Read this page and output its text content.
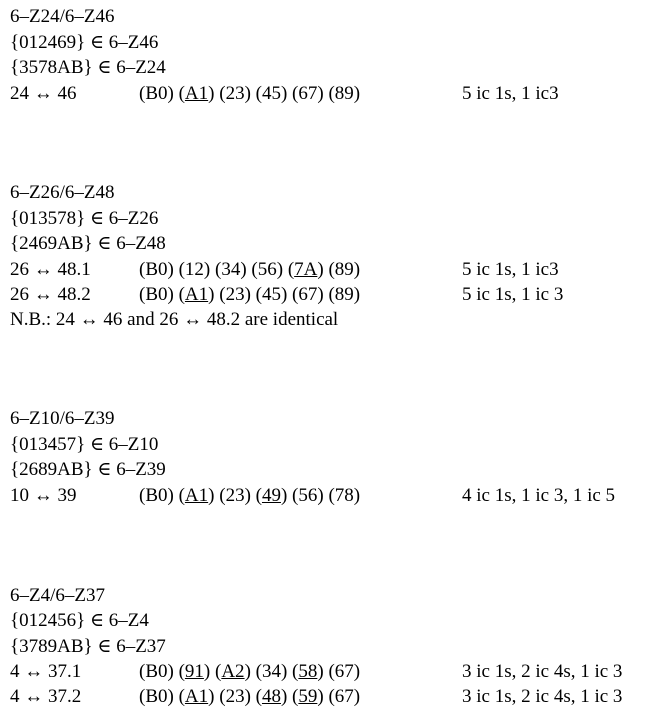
6–Z24/6–Z46
{012469} ∈ 6–Z46
{3578AB} ∈ 6–Z24
24 ↔ 46	(B0) (A1) (23) (45) (67) (89)	5 ic 1s, 1 ic3
6–Z26/6–Z48
{013578} ∈ 6–Z26
{2469AB} ∈ 6–Z48
26 ↔ 48.1	(B0) (12) (34) (56) (7A) (89)	5 ic 1s, 1 ic3
26 ↔ 48.2	(B0) (A1) (23) (45) (67) (89)	5 ic 1s, 1 ic 3
N.B.: 24 ↔ 46 and 26 ↔ 48.2 are identical
6–Z10/6–Z39
{013457} ∈ 6–Z10
{2689AB} ∈ 6–Z39
10 ↔ 39	(B0) (A1) (23) (49) (56) (78)	4 ic 1s, 1 ic 3, 1 ic 5
6–Z4/6–Z37
{012456} ∈ 6–Z4
{3789AB} ∈ 6–Z37
4 ↔ 37.1	(B0) (91) (A2) (34) (58) (67)	3 ic 1s, 2 ic 4s, 1 ic 3
4 ↔ 37.2	(B0) (A1) (23) (48) (59) (67)	3 ic 1s, 2 ic 4s, 1 ic 3
